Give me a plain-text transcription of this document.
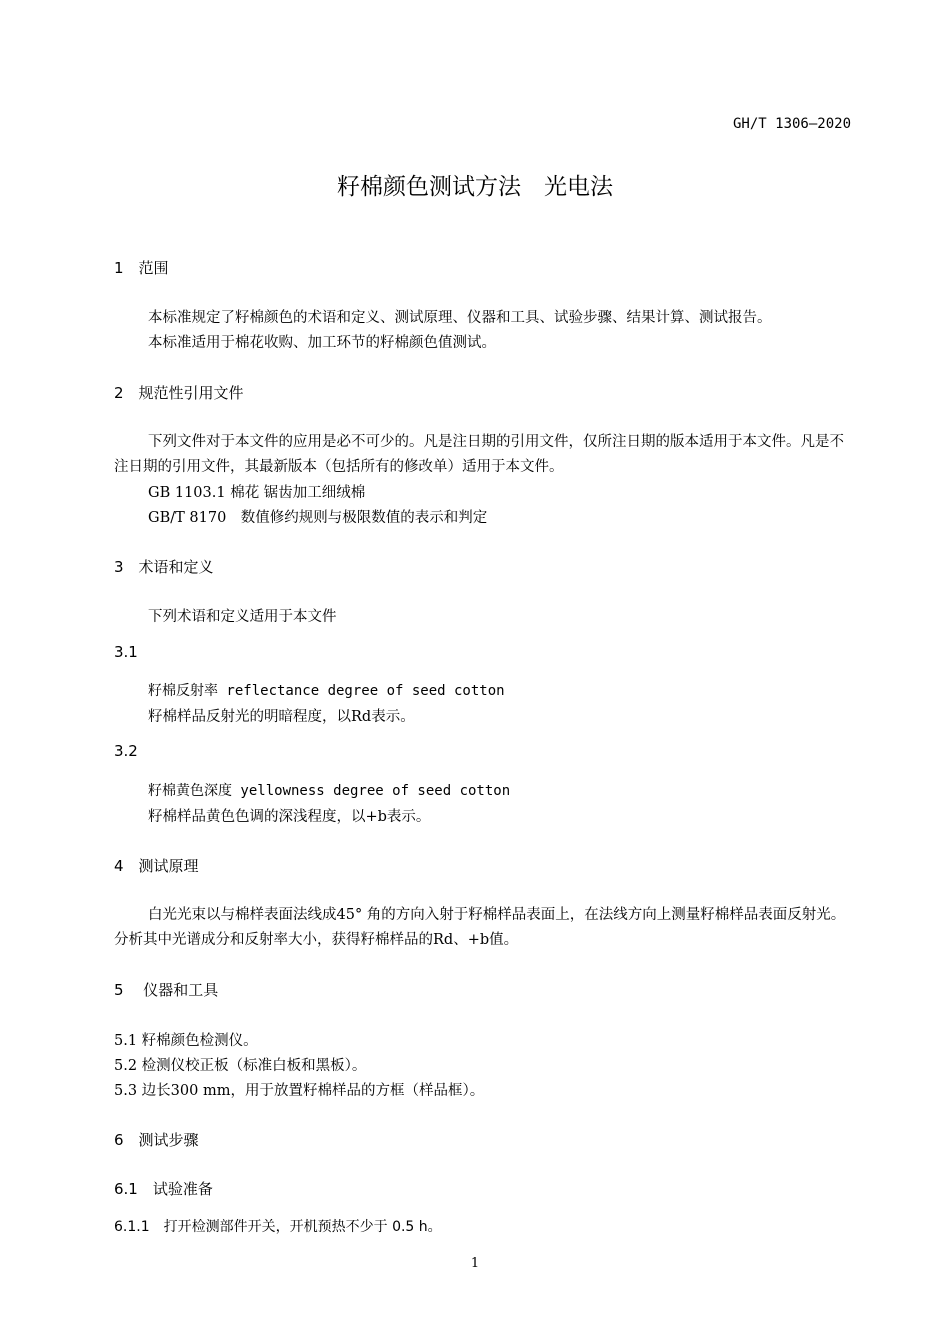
GH/T 1306—2020
籽棉颜色测试方法　光电法
1　范围
本标准规定了籽棉颜色的术语和定义、测试原理、仪器和工具、试验步骤、结果计算、测试报告。
本标准适用于棉花收购、加工环节的籽棉颜色值测试。
2　规范性引用文件
下列文件对于本文件的应用是必不可少的。凡是注日期的引用文件，仅所注日期的版本适用于本文件。凡是不注日期的引用文件，其最新版本（包括所有的修改单）适用于本文件。
GB 1103.1 棉花 锯齿加工细绒棉
GB/T 8170　数值修约规则与极限数值的表示和判定
3　术语和定义
下列术语和定义适用于本文件
3.1
籽棉反射率 reflectance degree of seed cotton
籽棉样品反射光的明暗程度，以Rd表示。
3.2
籽棉黄色深度 yellowness degree of seed cotton
籽棉样品黄色色调的深浅程度，以+b表示。
4　测试原理
白光光束以与棉样表面法线成45° 角的方向入射于籽棉样品表面上，在法线方向上测量籽棉样品表面反射光。分析其中光谱成分和反射率大小，获得籽棉样品的Rd、+b值。
5　 仪器和工具
5.1 籽棉颜色检测仪。
5.2 检测仪校正板（标准白板和黑板）。
5.3 边长300 mm，用于放置籽棉样品的方框（样品框）。
6　测试步骤
6.1　试验准备
6.1.1　打开检测部件开关，开机预热不少于 0.5 h。
1
